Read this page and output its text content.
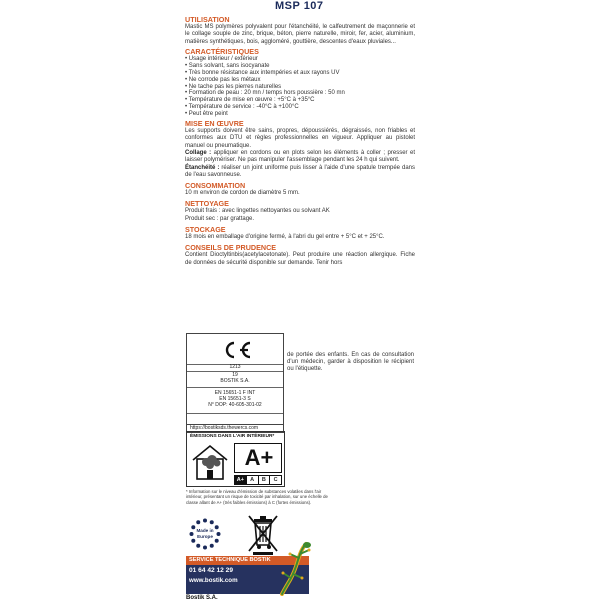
MSP 107
UTILISATION
Mastic MS polymères polyvalent pour l'étanchéité, le calfeutrement de maçonnerie et le collage souple de zinc, brique, béton, pierre naturelle, miroir, fer, acier, aluminium, matières synthétiques, bois, aggloméré, gouttière, descentes d'eaux pluviales...
CARACTÉRISTIQUES
• Usage intérieur / extérieur
• Sans solvant, sans isocyanate
• Très bonne résistance aux intempéries et aux rayons UV
• Ne corrode pas les métaux
• Ne tache pas les pierres naturelles
• Formation de peau : 20 mn / temps hors poussière : 50 mn
• Température de mise en œuvre : +5°C à +35°C
• Température de service : -40°C à +100°C
• Peut être peint
MISE EN ŒUVRE
Les supports doivent être sains, propres, dépoussiérés, dégraissés, non friables et conformes aux DTU et règles professionnelles en vigueur. Appliquer au pistolet manuel ou pneumatique.
Collage : appliquer en cordons ou en plots selon les éléments à coller ; presser et laisser polymériser. Ne pas manipuler l'assemblage pendant les 24 h qui suivent.
Étanchéité : réaliser un joint uniforme puis lisser à l'aide d'une spatule trempée dans de l'eau savonneuse.
CONSOMMATION
10 m environ de cordon de diamètre 5 mm.
NETTOYAGE
Produit frais : avec lingettes nettoyantes ou solvant AK
Produit sec : par grattage.
STOCKAGE
18 mois en emballage d'origine fermé, à l'abri du gel entre + 5°C et + 25°C.
CONSEILS DE PRUDENCE
Contient Dioctyltinbis(acetylacetonate). Peut produire une réaction allergique. Fiche de données de sécurité disponible sur demande. Tenir hors
de portée des enfants. En cas de consultation d'un médecin, garder à disposition le récipient ou l'étiquette.
1213
19
BOSTIK S.A.
EN 15651-1 F INT
EN 15651-3 S
N° DOP: 40-605-301-02
https://bostiksds.thewercs.com
ÉMISSIONS DANS L'AIR INTÉRIEUR*
A+
A+	A	B	C
* Information sur le niveau d'émission de substances volatiles dans l'air intérieur, présentant un risque de toxicité par inhalation, sur une échelle de classe allant de A+ (très faibles émissions) à C (fortes émissions).
Made in
Europe
SERVICE TECHNIQUE BOSTIK
01 64 42 12 29
www.bostik.com
Bostik S.A.
